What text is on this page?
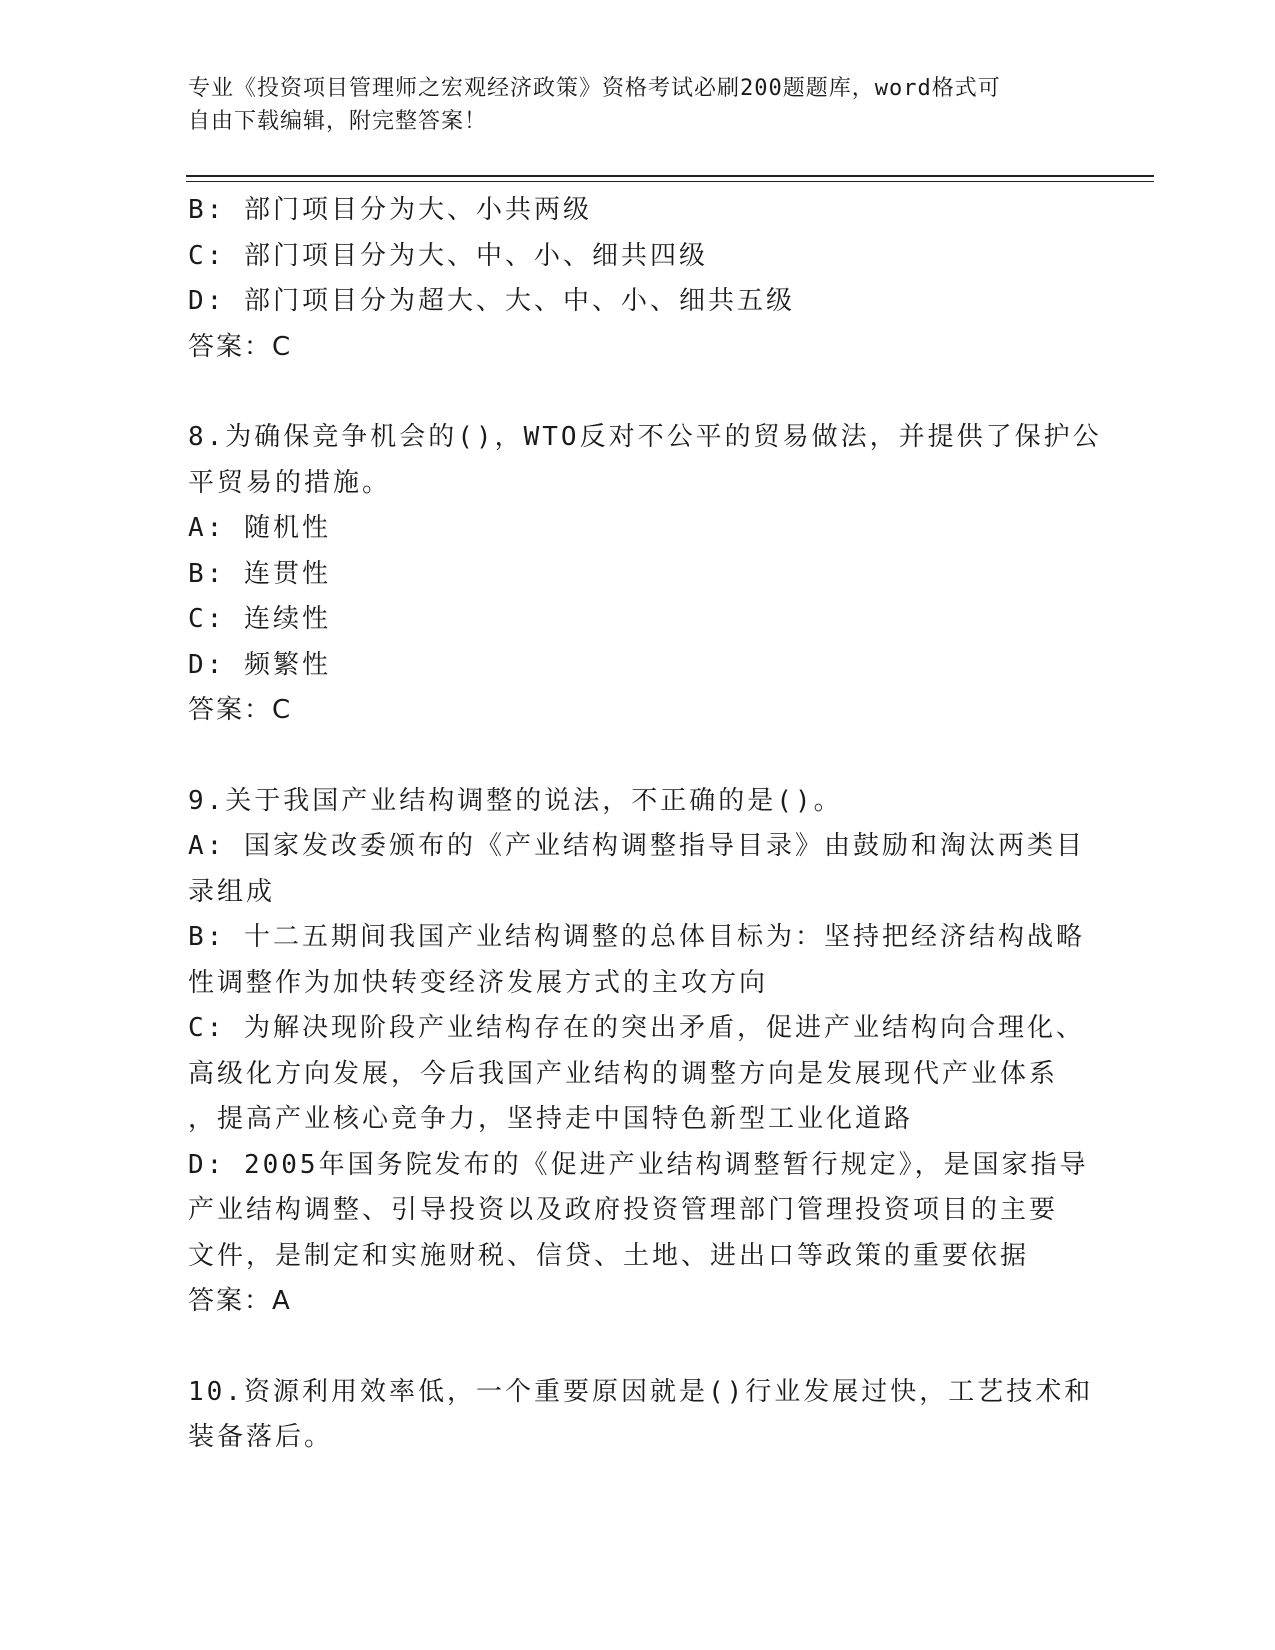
专业《投资项目管理师之宏观经济政策》资格考试必刷200题题库，word格式可
自由下载编辑，附完整答案！
B: 部门项目分为大、小共两级
C: 部门项目分为大、中、小、细共四级
D: 部门项目分为超大、大、中、小、细共五级
答案：C
8.为确保竞争机会的()，WTO反对不公平的贸易做法，并提供了保护公
平贸易的措施。
A: 随机性
B: 连贯性
C: 连续性
D: 频繁性
答案：C
9.关于我国产业结构调整的说法，不正确的是()。
A: 国家发改委颁布的《产业结构调整指导目录》由鼓励和淘汰两类目
录组成
B: 十二五期间我国产业结构调整的总体目标为：坚持把经济结构战略
性调整作为加快转变经济发展方式的主攻方向
C: 为解决现阶段产业结构存在的突出矛盾，促进产业结构向合理化、
高级化方向发展，今后我国产业结构的调整方向是发展现代产业体系
，提高产业核心竞争力，坚持走中国特色新型工业化道路
D: 2005年国务院发布的《促进产业结构调整暂行规定》，是国家指导
产业结构调整、引导投资以及政府投资管理部门管理投资项目的主要
文件，是制定和实施财税、信贷、土地、进出口等政策的重要依据
答案：A
10.资源利用效率低，一个重要原因就是()行业发展过快，工艺技术和
装备落后。
